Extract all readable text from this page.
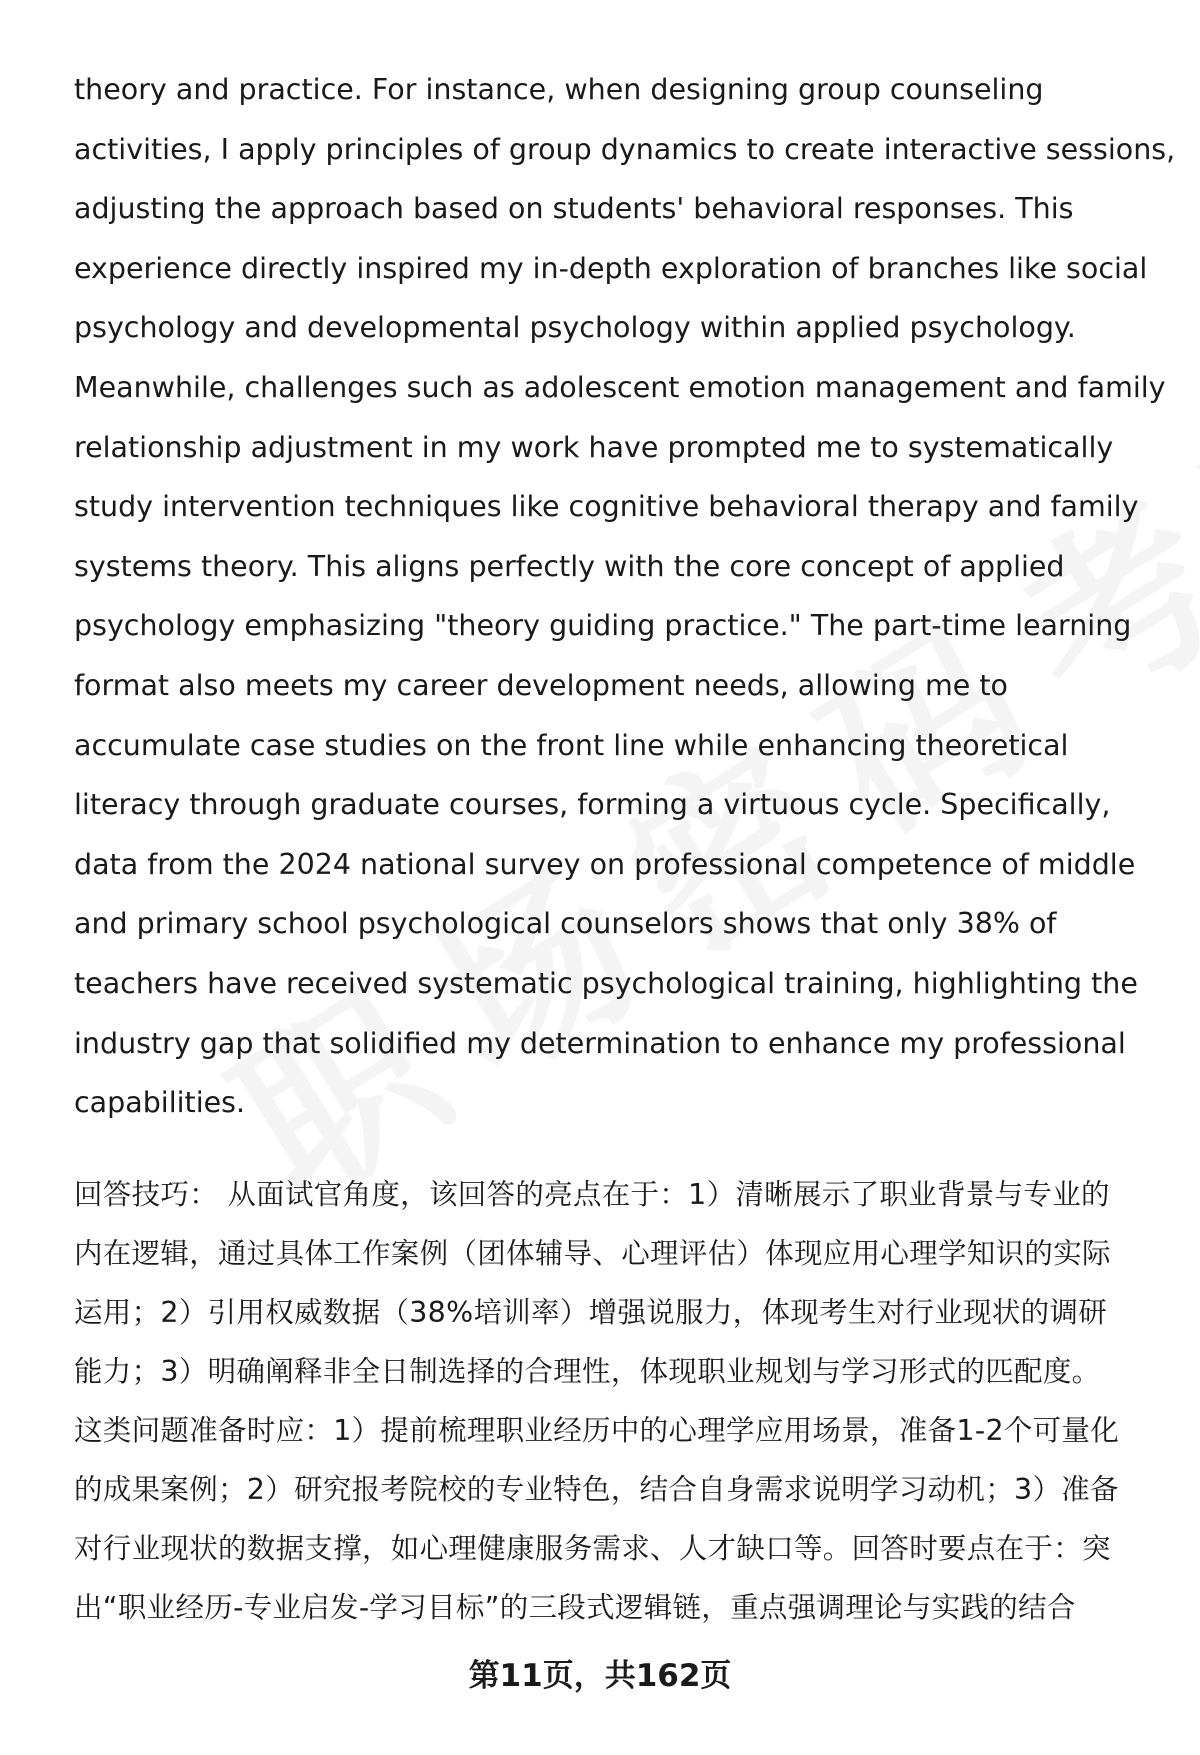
theory and practice. For instance, when designing group counseling

activities, I apply principles of group dynamics to create interactive sessions,

adjusting the approach based on students' behavioral responses. This

experience directly inspired my in-depth exploration of branches like social

psychology and developmental psychology within applied psychology.

Meanwhile, challenges such as adolescent emotion management and family

relationship adjustment in my work have prompted me to systematically

study intervention techniques like cognitive behavioral therapy and family

systems theory. This aligns perfectly with the core concept of applied

psychology emphasizing "theory guiding practice." The part-time learning

format also meets my career development needs, allowing me to

accumulate case studies on the front line while enhancing theoretical

literacy through graduate courses, forming a virtuous cycle. Specifically,

data from the 2024 national survey on professional competence of middle

and primary school psychological counselors shows that only 38% of

teachers have received systematic psychological training, highlighting the

industry gap that solidified my determination to enhance my professional

capabilities.

回答技巧： 从面试官角度，该回答的亮点在于：1）清晰展示了职业背景与专业的

内在逻辑，通过具体工作案例（团体辅导、心理评估）体现应用心理学知识的实际

运用；2）引用权威数据（38%培训率）增强说服力，体现考生对行业现状的调研

能力；3）明确阐释非全日制选择的合理性，体现职业规划与学习形式的匹配度。

这类问题准备时应：1）提前梳理职业经历中的心理学应用场景，准备1-2个可量化

的成果案例；2）研究报考院校的专业特色，结合自身需求说明学习动机；3）准备

对行业现状的数据支撑，如心理健康服务需求、人才缺口等。回答时要点在于：突

出“职业经历-专业启发-学习目标”的三段式逻辑链，重点强调理论与实践的结合

第11页，共162页
